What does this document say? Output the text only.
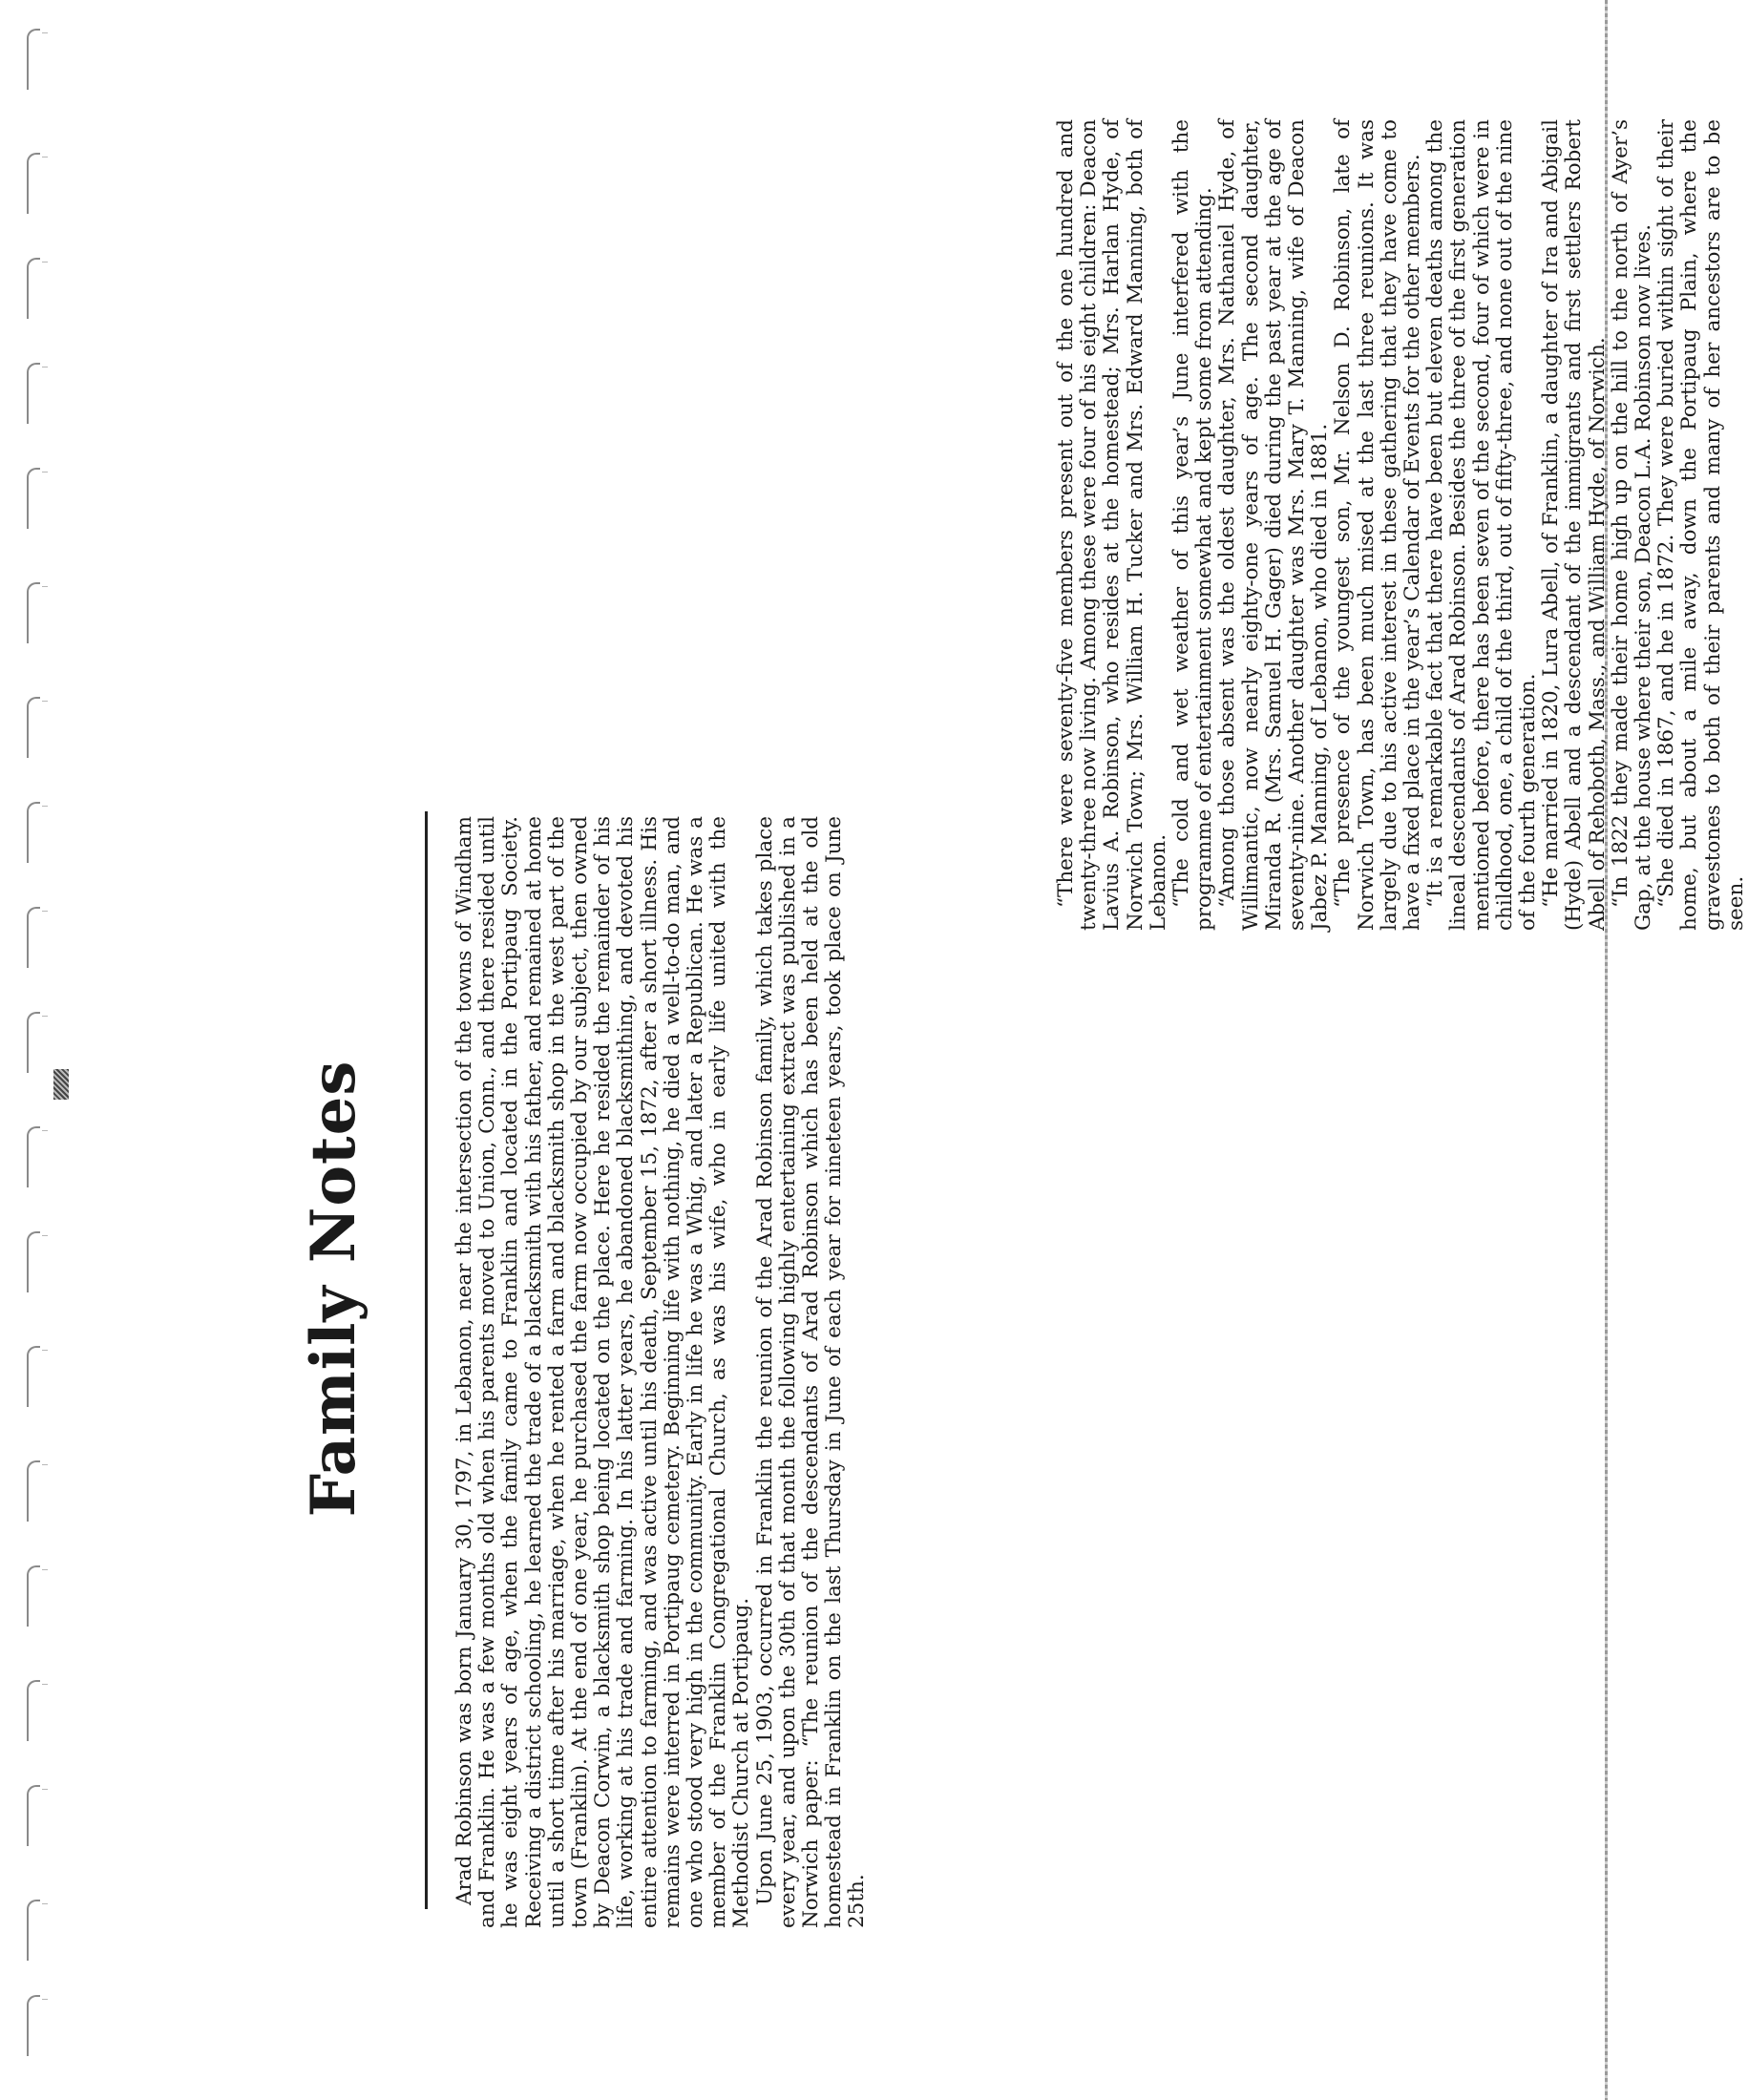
Family Notes	Arad Robinson was born January 30, 1797, in Lebanon, near the intersection of the towns of Windham and Franklin. He was a few months old when his parents moved to Union, Conn., and there resided until he was eight years of age, when the family came to Franklin and located in the Portipaug Society. Receiving a district schooling, he learned the trade of a blacksmith with his father, and remained at home until a short time after his marriage, when he rented a farm and blacksmith shop in the west part of the town (Franklin). At the end of one year, he purchased the farm now occupied by our subject, then owned by Deacon Corwin, a blacksmith shop being located on the place. Here he resided the remainder of his life, working at his trade and farming. In his latter years, he abandoned blacksmithing, and devoted his entire attention to farming, and was active until his death, September 15, 1872, after a short illness. His remains were interred in Portipaug cemetery. Beginning life with nothing, he died a well-to-do man, and one who stood very high in the community. Early in life he was a Whig, and later a Republican. He was a member of the Franklin Congregational Church, as was his wife, who in early life united with the Methodist Church at Portipaug. Upon June 25, 1903, occurred in Franklin the reunion of the Arad Robinson family, which takes place every year, and upon the 30th of that month the following highly entertaining extract was published in a Norwich paper: “The reunion of the descendants of Arad Robinson which has been held at the old homestead in Franklin on the last Thursday in June of each year for nineteen years, took place on June 25th.

“There were seventy-five members present out of the one hundred and twenty-three now living. Among these were four of his eight children: Deacon Lavius A. Robinson, who resides at the homestead; Mrs. Harlan Hyde, of Norwich Town; Mrs. William H. Tucker and Mrs. Edward Manning, both of Lebanon. “The cold and wet weather of this year’s June interfered with the programme of entertainment somewhat and kept some from attending. “Among those absent was the oldest daughter, Mrs. Nathaniel Hyde, of Willimantic, now nearly eighty-one years of age. The second daughter, Miranda R. (Mrs. Samuel H. Gager) died during the past year at the age of seventy-nine. Another daughter was Mrs. Mary T. Manning, wife of Deacon Jabez P. Manning, of Lebanon, who died in 1881. “The presence of the youngest son, Mr. Nelson D. Robinson, late of Norwich Town, has been much mised at the last three reunions. It was largely due to his active interest in these gathering that they have come to have a fixed place in the year’s Calendar of Events for the other members. “It is a remarkable fact that there have been but eleven deaths among the lineal descendants of Arad Robinson. Besides the three of the first generation mentioned before, there has been seven of the second, four of which were in childhood, one, a child of the third, out of fifty-three, and none out of the nine of the fourth generation. “He married in 1820, Lura Abell, of Franklin, a daughter of Ira and Abigail (Hyde) Abell and a descendant of the immigrants and first settlers Robert Abell of Rehoboth, Mass., and William Hyde, of Norwich. “In 1822 they made their home high up on the hill to the north of Ayer’s Gap, at the house where their son, Deacon L.A. Robinson now lives. “She died in 1867, and he in 1872. They were buried within sight of their home, but about a mile away, down the Portipaug Plain, where the gravestones to both of their parents and many of her ancestors are to be seen.
